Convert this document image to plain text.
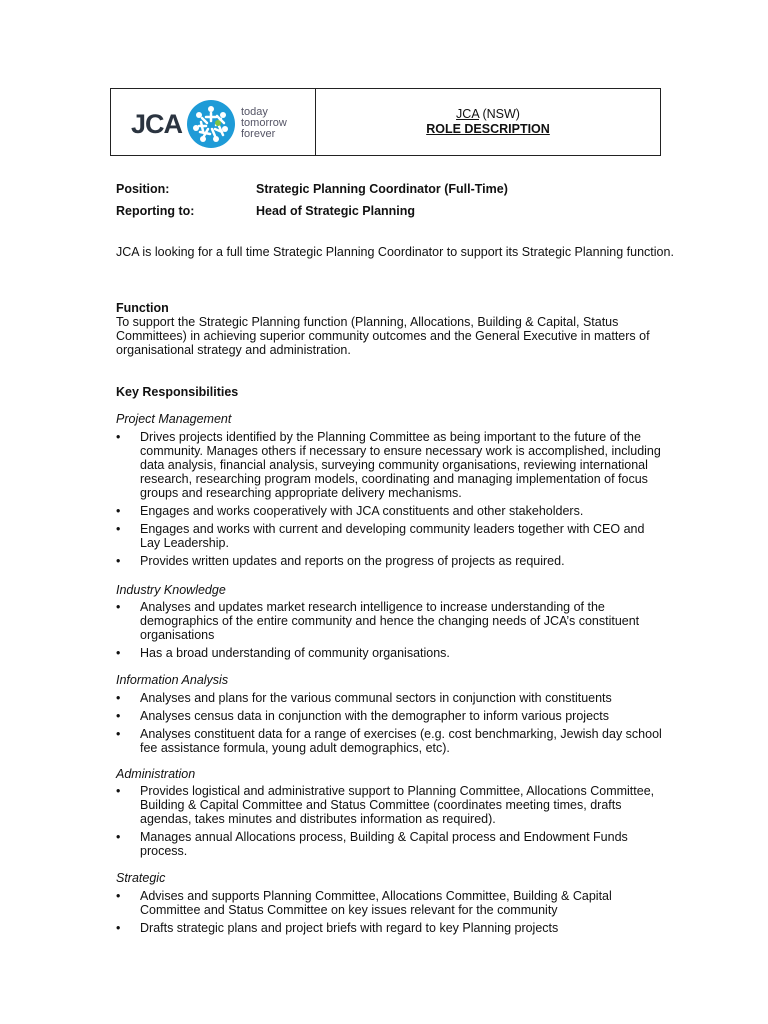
JCA	today
tomorrow
forever
JCA (NSW)
ROLE DESCRIPTION
Position:	Strategic Planning Coordinator (Full-Time)
Reporting to:	Head of Strategic Planning
JCA is looking for a full time Strategic Planning Coordinator to support its Strategic Planning function.
Function
To support the Strategic Planning function (Planning, Allocations, Building & Capital, Status Committees) in achieving superior community outcomes and the General Executive in matters of organisational strategy and administration.
Key Responsibilities
Project Management
• Drives projects identified by the Planning Committee as being important to the future of the community. Manages others if necessary to ensure necessary work is accomplished, including data analysis, financial analysis, surveying community organisations, reviewing international research, researching program models, coordinating and managing implementation of focus groups and researching appropriate delivery mechanisms.
• Engages and works cooperatively with JCA constituents and other stakeholders.
• Engages and works with current and developing community leaders together with CEO and Lay Leadership.
• Provides written updates and reports on the progress of projects as required.
Industry Knowledge
• Analyses and updates market research intelligence to increase understanding of the demographics of the entire community and hence the changing needs of JCA’s constituent organisations
• Has a broad understanding of community organisations.
Information Analysis
• Analyses and plans for the various communal sectors in conjunction with constituents
• Analyses census data in conjunction with the demographer to inform various projects
• Analyses constituent data for a range of exercises (e.g. cost benchmarking, Jewish day school fee assistance formula, young adult demographics, etc).
Administration
• Provides logistical and administrative support to Planning Committee, Allocations Committee, Building & Capital Committee and Status Committee (coordinates meeting times, drafts agendas, takes minutes and distributes information as required).
• Manages annual Allocations process, Building & Capital process and Endowment Funds process.
Strategic
• Advises and supports Planning Committee, Allocations Committee, Building & Capital Committee and Status Committee on key issues relevant for the community
• Drafts strategic plans and project briefs with regard to key Planning projects
